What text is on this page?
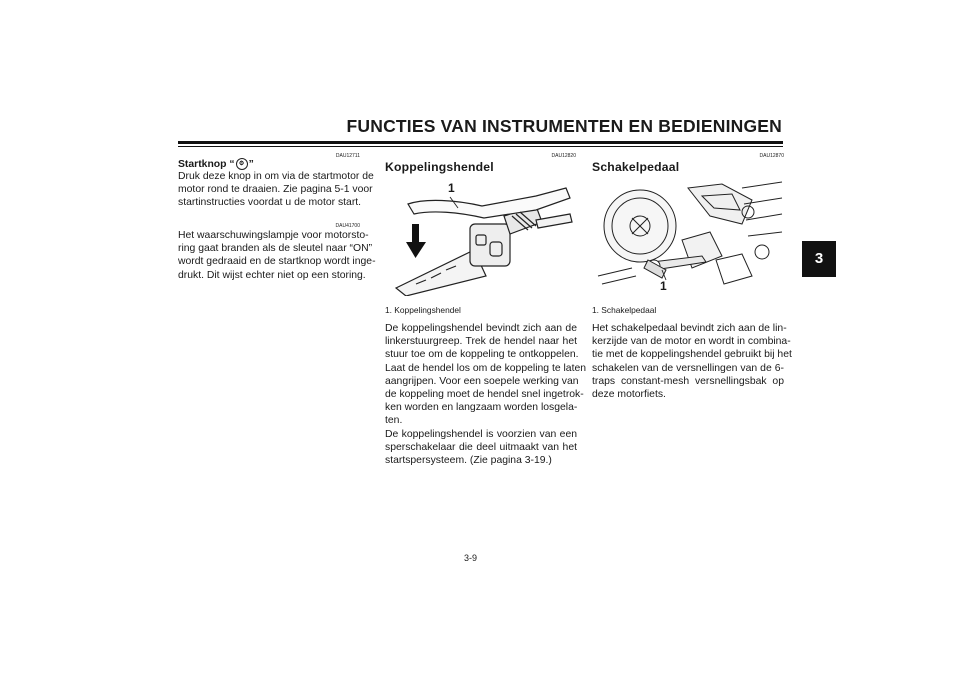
FUNCTIES VAN INSTRUMENTEN EN BEDIENINGEN
3
DAU12711
Startknop “ ⚙ ”
Druk deze knop in om via de startmotor de
motor rond te draaien. Zie pagina 5-1 voor
startinstructies voordat u de motor start.
DAU41700
Het waarschuwingslampje voor motorsto-
ring gaat branden als de sleutel naar “ON”
wordt gedraaid en de startknop wordt inge-
drukt. Dit wijst echter niet op een storing.
DAU12820
Koppelingshendel
1
1. Koppelingshendel
De koppelingshendel bevindt zich aan de
linkerstuurgreep. Trek de hendel naar het
stuur toe om de koppeling te ontkoppelen.
Laat de hendel los om de koppeling te laten
aangrijpen. Voor een soepele werking van
de koppeling moet de hendel snel ingetrok-
ken worden en langzaam worden losgela-
ten.
De koppelingshendel is voorzien van een
sperschakelaar die deel uitmaakt van het
startspersysteem. (Zie pagina 3-19.)
DAU12870
Schakelpedaal
1
1. Schakelpedaal
Het schakelpedaal bevindt zich aan de lin-
kerzijde van de motor en wordt in combina-
tie met de koppelingshendel gebruikt bij het
schakelen van de versnellingen van de 6-
traps constant-mesh versnellingsbak op
deze motorfiets.
3-9
